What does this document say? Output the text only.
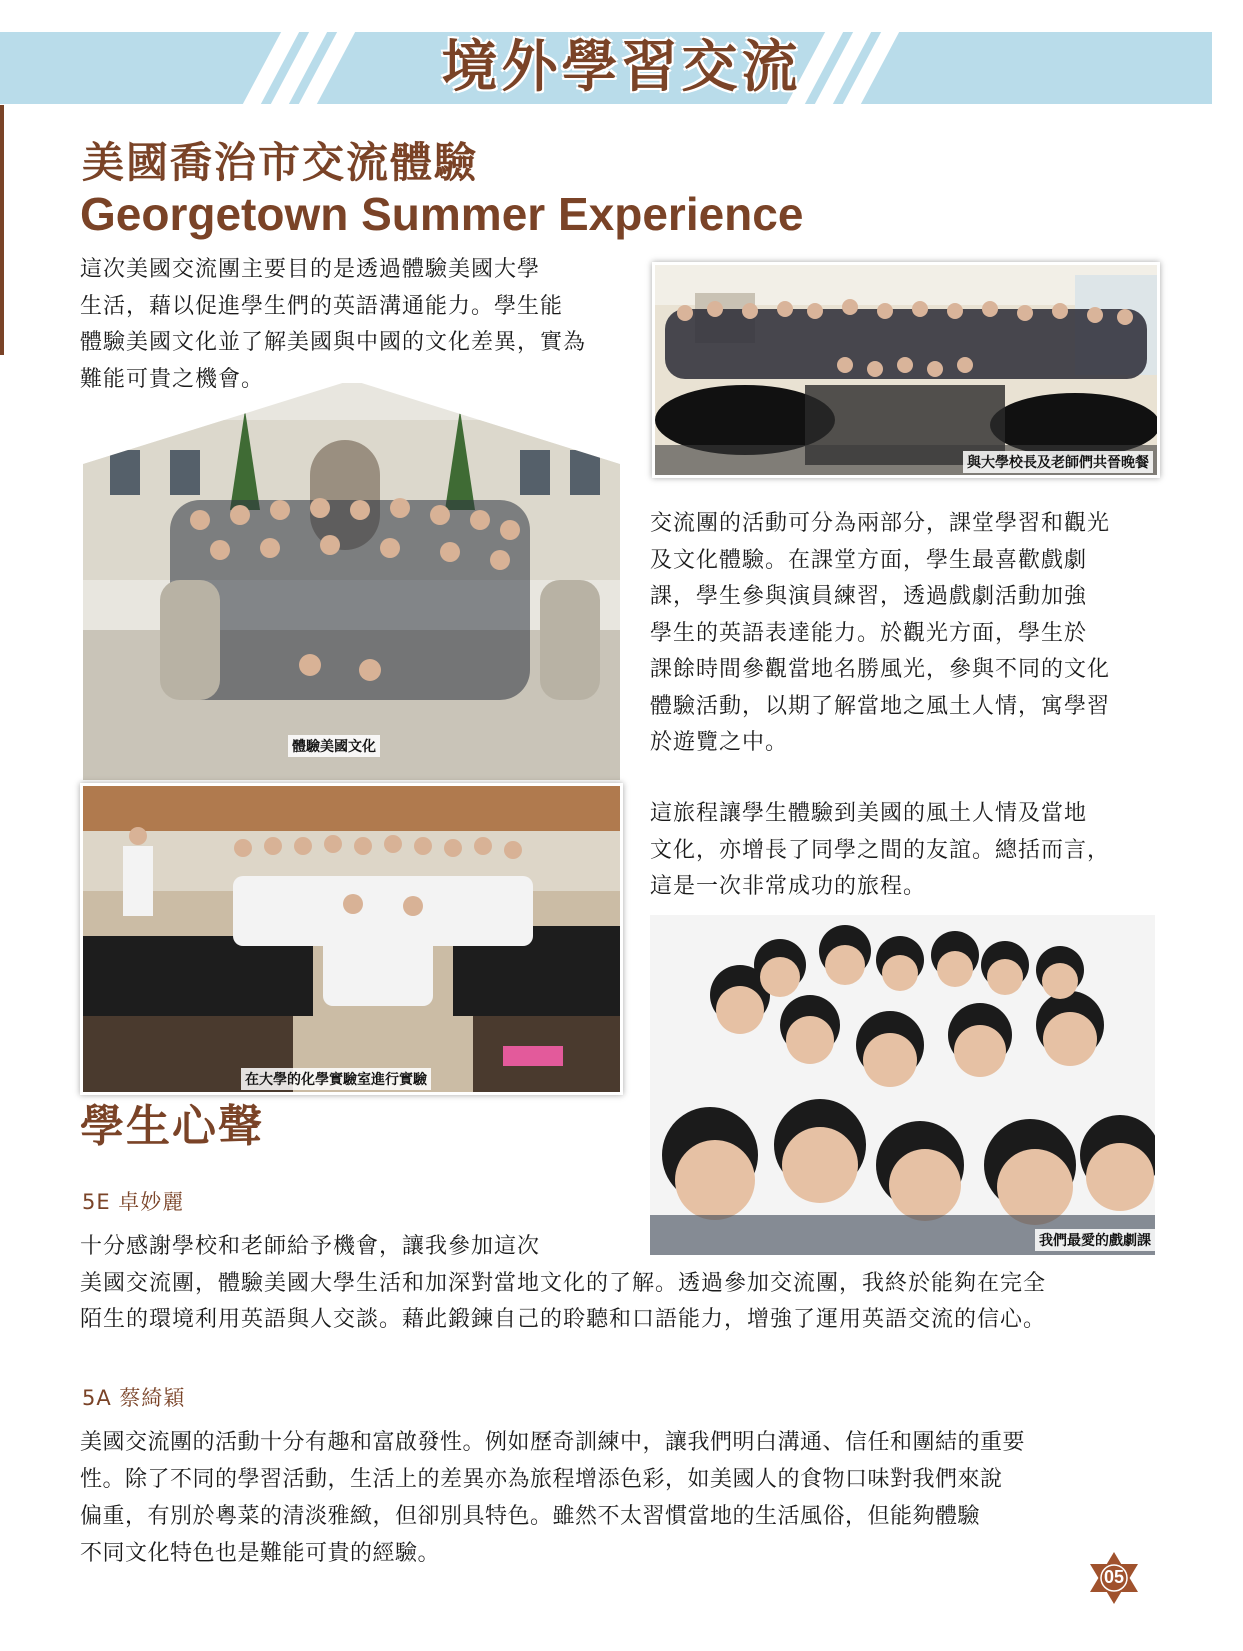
境外學習交流
美國喬治市交流體驗
Georgetown Summer Experience
這次美國交流團主要目的是透過體驗美國大學
生活，藉以促進學生們的英語溝通能力。學生能
體驗美國文化並了解美國與中國的文化差異，實為
難能可貴之機會。
與大學校長及老師們共晉晚餐
體驗美國文化
在大學的化學實驗室進行實驗
交流團的活動可分為兩部分，課堂學習和觀光
及文化體驗。在課堂方面，學生最喜歡戲劇
課，學生參與演員練習，透過戲劇活動加強
學生的英語表達能力。於觀光方面，學生於
課餘時間參觀當地名勝風光，參與不同的文化
體驗活動，以期了解當地之風土人情，寓學習
於遊覽之中。
這旅程讓學生體驗到美國的風土人情及當地
文化，亦增長了同學之間的友誼。總括而言，
這是一次非常成功的旅程。
我們最愛的戲劇課
學生心聲
5E 卓妙麗
十分感謝學校和老師給予機會，讓我參加這次
美國交流團，體驗美國大學生活和加深對當地文化的了解。透過參加交流團，我終於能夠在完全
陌生的環境利用英語與人交談。藉此鍛鍊自己的聆聽和口語能力，增強了運用英語交流的信心。
5A 蔡綺穎
美國交流團的活動十分有趣和富啟發性。例如歷奇訓練中，讓我們明白溝通、信任和團結的重要
性。除了不同的學習活動，生活上的差異亦為旅程增添色彩，如美國人的食物口味對我們來說
偏重，有別於粵菜的清淡雅緻，但卻別具特色。雖然不太習慣當地的生活風俗，但能夠體驗
不同文化特色也是難能可貴的經驗。
05
